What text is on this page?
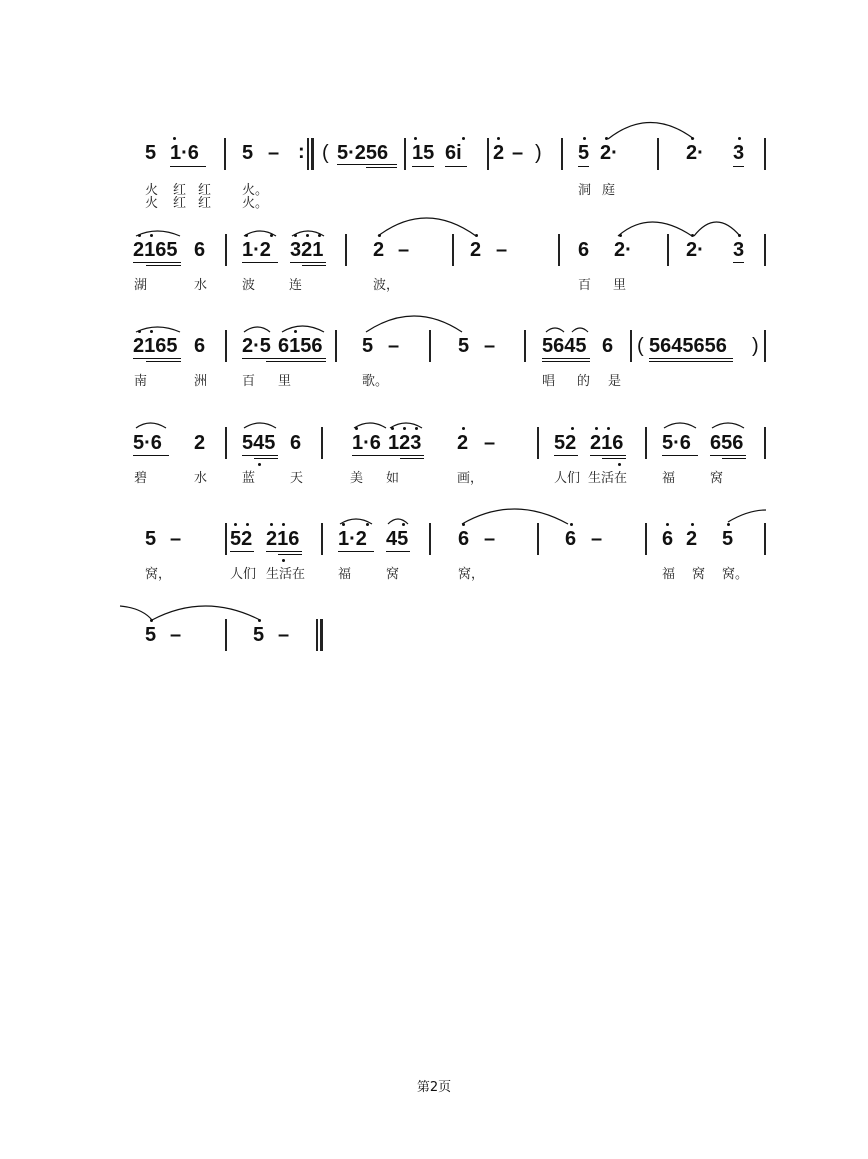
5 1·6 5 – : ( 5·256 15 6i 2 – ) 5 2·	2· 3
火 红 红 火。	洞 庭
火 红 红 火。
2165 6 1·2 321 2 –	2 –	6 2·	2· 3
湖	水	波	连	波，	百 里
2165 6 2·5 6156 5 –	5 – 5645 6 ( 5645656 )
南	洲	百 里	歌。	唱 的 是
5·6 2 545 6	1·6 123 2 –	52 216 5·6 656
碧	水	蓝	天	美 如	画，	人们 生活在	福	窝
5 – 52 216 1·2 45 6 –	6 –	6 2 5
窝，	人们 生活在	福	窝	窝，	福 窝 窝。
5 –	5 –
第2页
